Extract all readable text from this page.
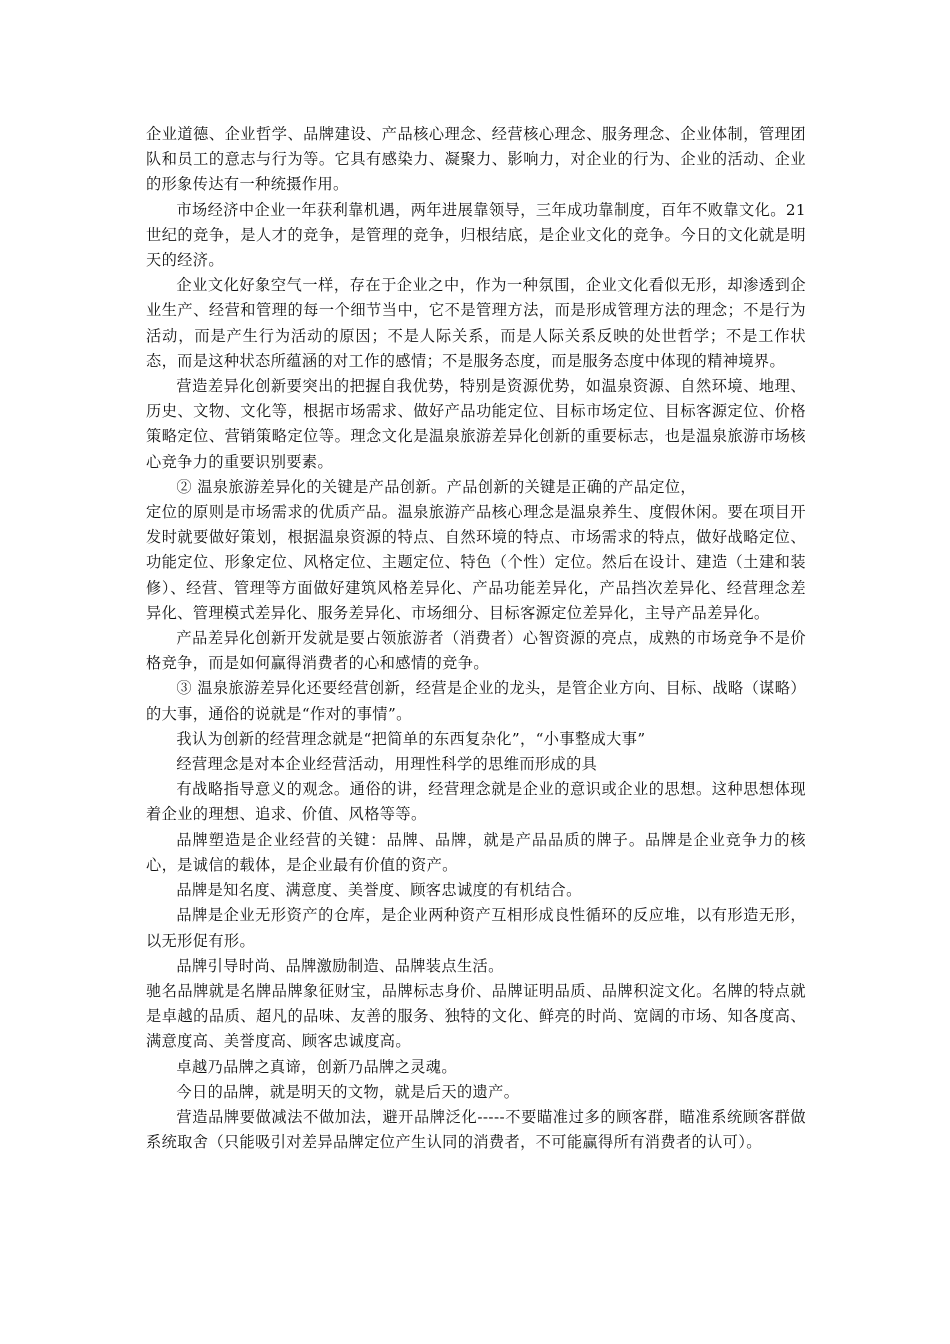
企业道德、企业哲学、品牌建设、产品核心理念、经营核心理念、服务理念、企业体制，管理团队和员工的意志与行为等。它具有感染力、凝聚力、影响力，对企业的行为、企业的活动、企业的形象传达有一种统摄作用。

市场经济中企业一年获利靠机遇，两年进展靠领导，三年成功靠制度，百年不败靠文化。21世纪的竞争，是人才的竞争，是管理的竞争，归根结底，是企业文化的竞争。今日的文化就是明天的经济。

企业文化好象空气一样，存在于企业之中，作为一种氛围，企业文化看似无形，却渗透到企业生产、经营和管理的每一个细节当中，它不是管理方法，而是形成管理方法的理念；不是行为活动，而是产生行为活动的原因；不是人际关系，而是人际关系反映的处世哲学；不是工作状态，而是这种状态所蕴涵的对工作的感情；不是服务态度，而是服务态度中体现的精神境界。

营造差异化创新要突出的把握自我优势，特别是资源优势，如温泉资源、自然环境、地理、历史、文物、文化等，根据市场需求、做好产品功能定位、目标市场定位、目标客源定位、价格策略定位、营销策略定位等。理念文化是温泉旅游差异化创新的重要标志，也是温泉旅游市场核心竞争力的重要识别要素。

② 温泉旅游差异化的关键是产品创新。产品创新的关键是正确的产品定位，

定位的原则是市场需求的优质产品。温泉旅游产品核心理念是温泉养生、度假休闲。要在项目开发时就要做好策划，根据温泉资源的特点、自然环境的特点、市场需求的特点，做好战略定位、功能定位、形象定位、风格定位、主题定位、特色（个性）定位。然后在设计、建造（土建和装修）、经营、管理等方面做好建筑风格差异化、产品功能差异化，产品挡次差异化、经营理念差异化、管理模式差异化、服务差异化、市场细分、目标客源定位差异化，主导产品差异化。

产品差异化创新开发就是要占领旅游者（消费者）心智资源的亮点，成熟的市场竞争不是价格竞争，而是如何赢得消费者的心和感情的竞争。

③ 温泉旅游差异化还要经营创新，经营是企业的龙头，是管企业方向、目标、战略（谋略）的大事，通俗的说就是“作对的事情”。

我认为创新的经营理念就是“把简单的东西复杂化”，“小事整成大事”

经营理念是对本企业经营活动，用理性科学的思维而形成的具

有战略指导意义的观念。通俗的讲，经营理念就是企业的意识或企业的思想。这种思想体现着企业的理想、追求、价值、风格等等。

品牌塑造是企业经营的关键：品牌、品牌，就是产品品质的牌子。品牌是企业竞争力的核心，是诚信的载体，是企业最有价值的资产。

品牌是知名度、满意度、美誉度、顾客忠诚度的有机结合。

品牌是企业无形资产的仓库，是企业两种资产互相形成良性循环的反应堆，以有形造无形，以无形促有形。

品牌引导时尚、品牌激励制造、品牌装点生活。

驰名品牌就是名牌品牌象征财宝，品牌标志身价、品牌证明品质、品牌积淀文化。名牌的特点就是卓越的品质、超凡的品味、友善的服务、独特的文化、鲜亮的时尚、宽阔的市场、知各度高、满意度高、美誉度高、顾客忠诚度高。

卓越乃品牌之真谛，创新乃品牌之灵魂。

今日的品牌，就是明天的文物，就是后天的遗产。

营造品牌要做减法不做加法，避开品牌泛化-----不要瞄准过多的顾客群，瞄准系统顾客群做系统取舍（只能吸引对差异品牌定位产生认同的消费者，不可能赢得所有消费者的认可）。
